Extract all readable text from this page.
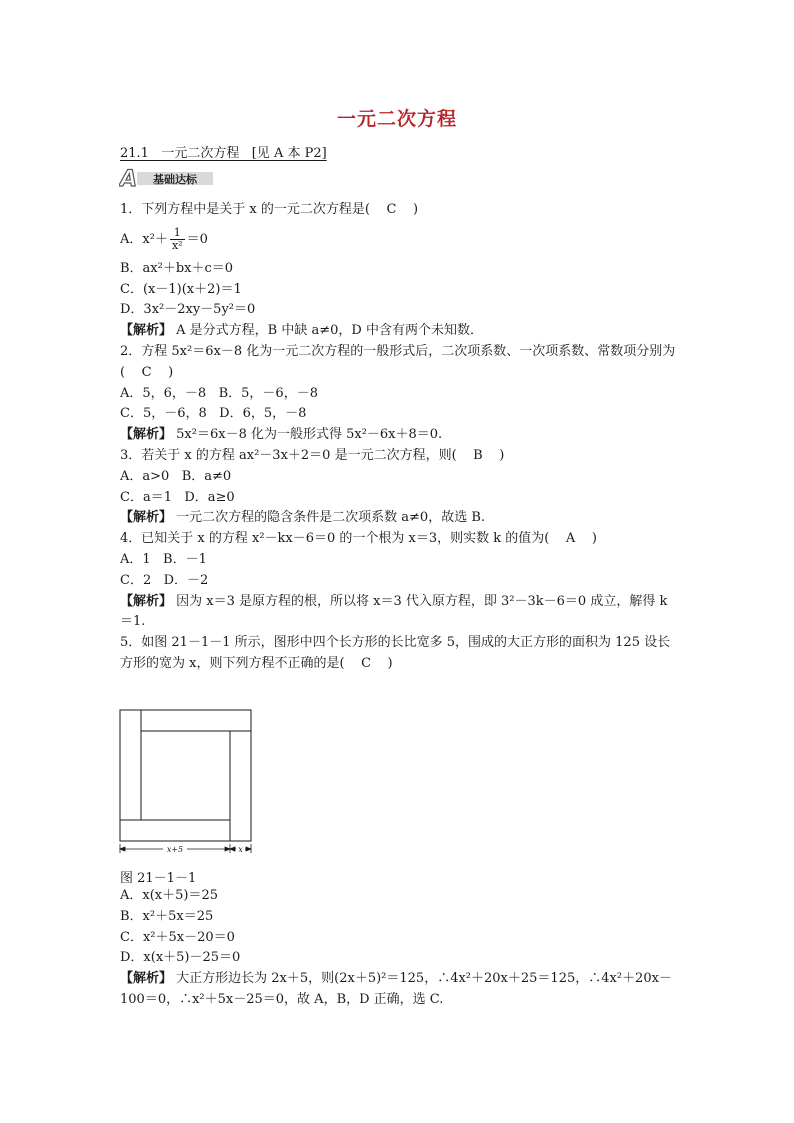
一元二次方程
21.1   一元二次方程   [见 A 本 P2]
A 基础达标
1．下列方程中是关于 x 的一元二次方程是(    C    )
A．$x^2+ \frac{1}{\text{x²}} =0$
B．ax²＋bx＋c＝0
C．(x－1)(x＋2)＝1
D．3x²－2xy－5y²＝0
【解析】 A 是分式方程，B 中缺 a≠0，D 中含有两个未知数．
2．方程 5x²＝6x－8 化为一元二次方程的一般形式后，二次项系数、一次项系数、常数项分别为(    C    )
A．5，6，－8   B．5，－6，－8
C．5，－6，8   D．6，5，－8
【解析】 5x²＝6x－8 化为一般形式得 5x²－6x＋8＝0.
3．若关于 x 的方程 ax²－3x＋2＝0 是一元二次方程，则(    B    )
A．a>0   B．a≠0
C．a＝1   D．a≥0
【解析】 一元二次方程的隐含条件是二次项系数 a≠0，故选 B.
4．已知关于 x 的方程 x²－kx－6＝0 的一个根为 x＝3，则实数 k 的值为(    A    )
A．1   B．－1
C．2   D．－2
【解析】 因为 x＝3 是原方程的根，所以将 x＝3 代入原方程，即 3²－3k－6＝0 成立，解得 k＝1.
5．如图 21－1－1 所示，图形中四个长方形的长比宽多 5，围成的大正方形的面积为 125 设长方形的宽为 x，则下列方程不正确的是(    C    )
x+5	x
图 21－1－1
A．x(x＋5)＝25
B．x²＋5x＝25
C．x²＋5x－20＝0
D．x(x＋5)－25＝0
【解析】 大正方形边长为 2x＋5，则(2x＋5)²＝125，∴4x²＋20x＋25＝125，∴4x²＋20x－100＝0，∴x²＋5x－25＝0，故 A，B，D 正确，选 C.
